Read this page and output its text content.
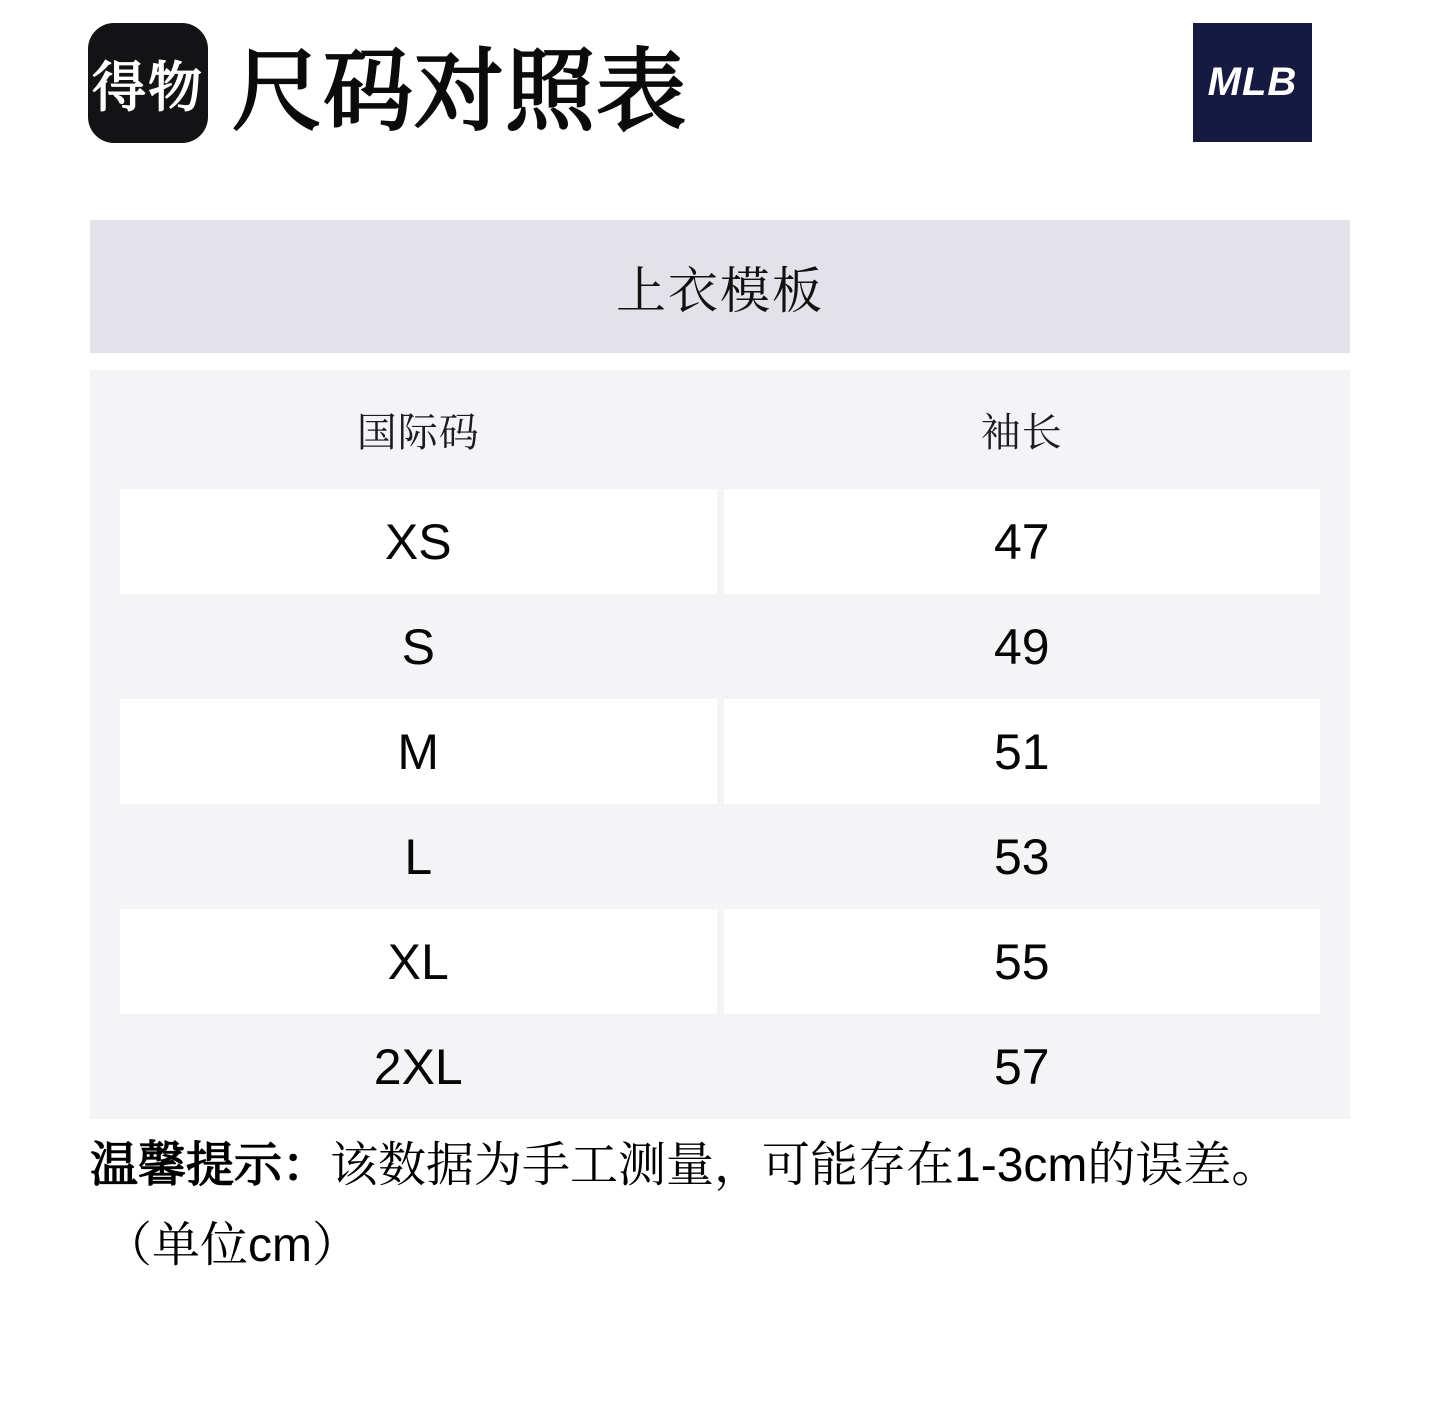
得物 尺码对照表	MLB
上衣模板
国际码	袖长
XS	47
S	49
M	51
L	53
XL	55
2XL	57
温馨提示：该数据为手工测量，可能存在1-3cm的误差。
（单位cm）
